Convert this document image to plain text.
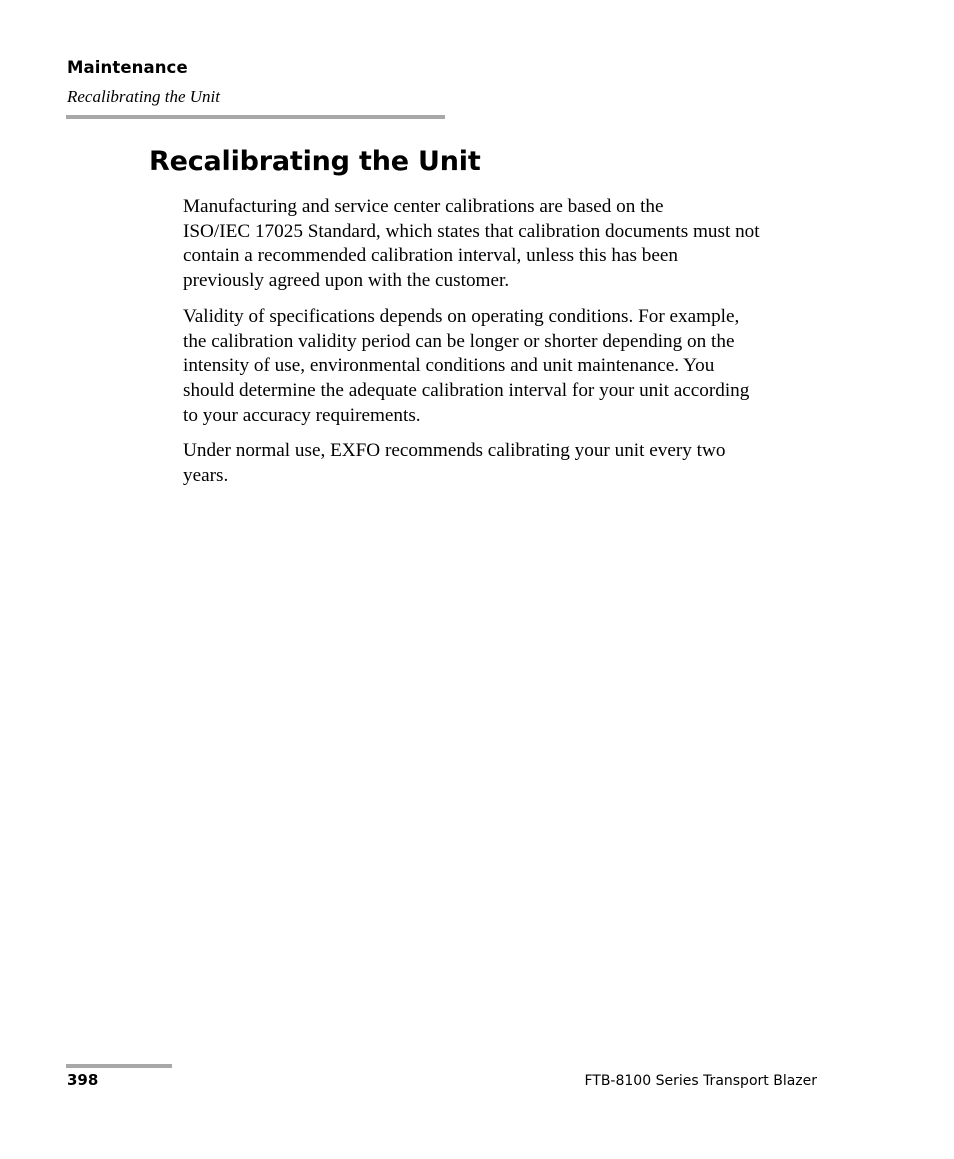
Maintenance
Recalibrating the Unit
Recalibrating the Unit

Manufacturing and service center calibrations are based on the
ISO/IEC 17025 Standard, which states that calibration documents must not
contain a recommended calibration interval, unless this has been
previously agreed upon with the customer.

Validity of specifications depends on operating conditions. For example,
the calibration validity period can be longer or shorter depending on the
intensity of use, environmental conditions and unit maintenance. You
should determine the adequate calibration interval for your unit according
to your accuracy requirements.

Under normal use, EXFO recommends calibrating your unit every two
years.

398	FTB-8100 Series Transport Blazer
